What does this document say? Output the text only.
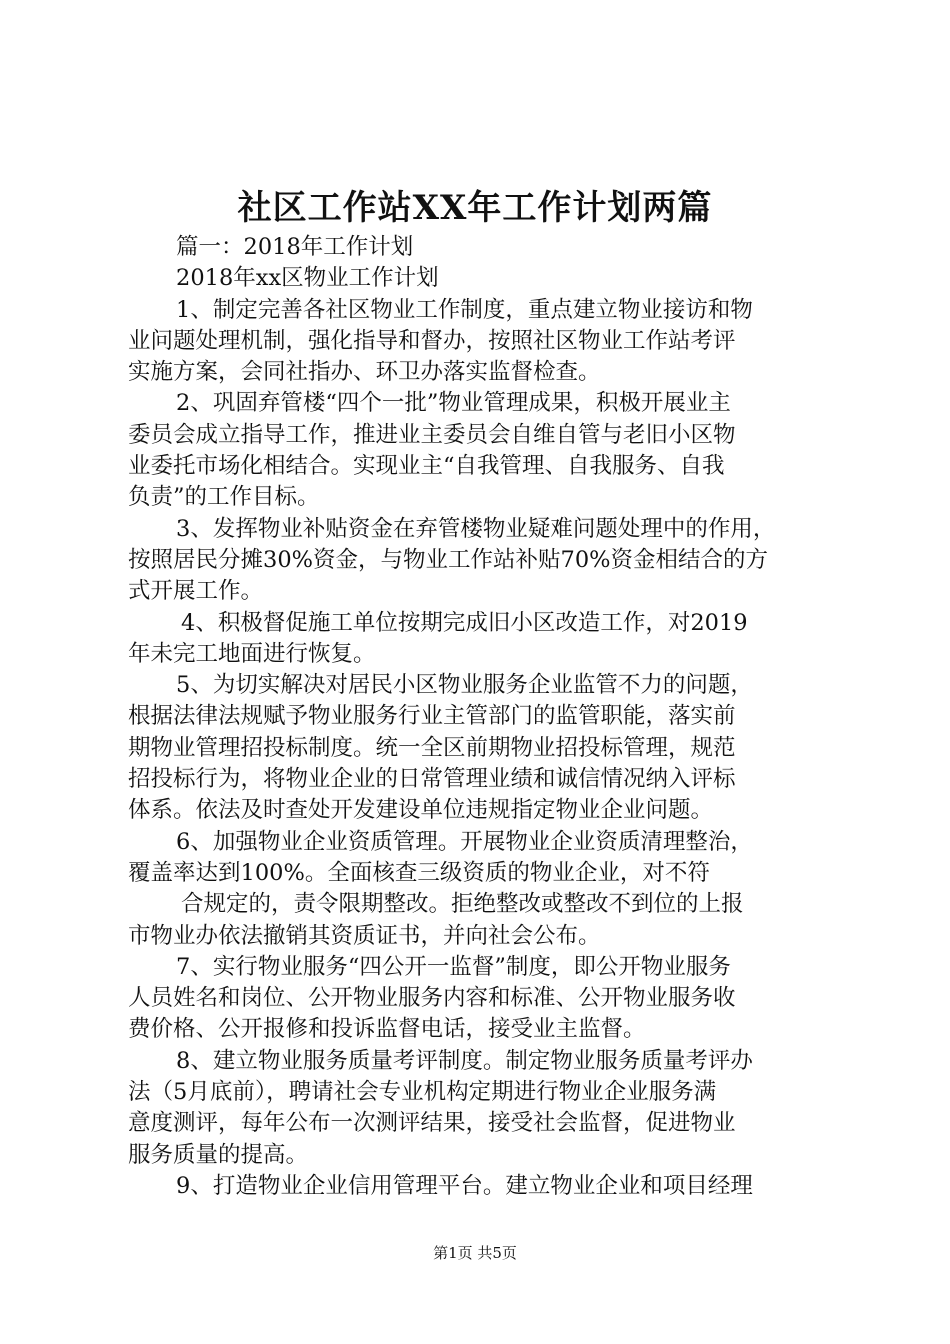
社区工作站XX年工作计划两篇
篇一：2018年工作计划
2018年xx区物业工作计划
1、制定完善各社区物业工作制度，重点建立物业接访和物
业问题处理机制，强化指导和督办，按照社区物业工作站考评
实施方案，会同社指办、环卫办落实监督检查。
2、巩固弃管楼“四个一批”物业管理成果，积极开展业主
委员会成立指导工作，推进业主委员会自维自管与老旧小区物
业委托市场化相结合。实现业主“自我管理、自我服务、自我
负责”的工作目标。
3、发挥物业补贴资金在弃管楼物业疑难问题处理中的作用，
按照居民分摊30%资金，与物业工作站补贴70%资金相结合的方
式开展工作。
4、积极督促施工单位按期完成旧小区改造工作，对2019
年未完工地面进行恢复。
5、为切实解决对居民小区物业服务企业监管不力的问题，
根据法律法规赋予物业服务行业主管部门的监管职能，落实前
期物业管理招投标制度。统一全区前期物业招投标管理，规范
招投标行为，将物业企业的日常管理业绩和诚信情况纳入评标
体系。依法及时查处开发建设单位违规指定物业企业问题。
6、加强物业企业资质管理。开展物业企业资质清理整治，
覆盖率达到100%。全面核查三级资质的物业企业，对不符
合规定的，责令限期整改。拒绝整改或整改不到位的上报
市物业办依法撤销其资质证书，并向社会公布。
7、实行物业服务“四公开一监督”制度，即公开物业服务
人员姓名和岗位、公开物业服务内容和标准、公开物业服务收
费价格、公开报修和投诉监督电话，接受业主监督。
8、建立物业服务质量考评制度。制定物业服务质量考评办
法（5月底前），聘请社会专业机构定期进行物业企业服务满
意度测评，每年公布一次测评结果，接受社会监督，促进物业
服务质量的提高。
9、打造物业企业信用管理平台。建立物业企业和项目经理
第1页 共5页
